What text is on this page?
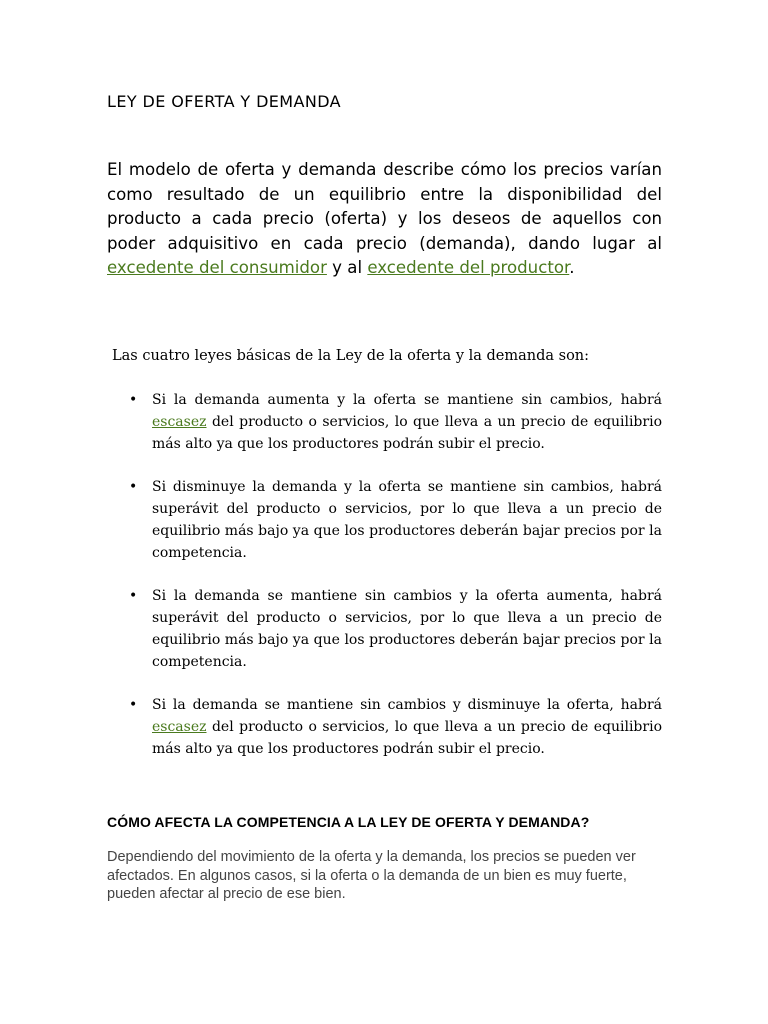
LEY DE OFERTA Y DEMANDA

El modelo de oferta y demanda describe cómo los precios varían como resultado de un equilibrio entre la disponibilidad del producto a cada precio (oferta) y los deseos de aquellos con poder adquisitivo en cada precio (demanda), dando lugar al excedente del consumidor y al excedente del productor.

Las cuatro leyes básicas de la Ley de la oferta y la demanda son:

• Si la demanda aumenta y la oferta se mantiene sin cambios, habrá escasez del producto o servicios, lo que lleva a un precio de equilibrio más alto ya que los productores podrán subir el precio.
• Si disminuye la demanda y la oferta se mantiene sin cambios, habrá superávit del producto o servicios, por lo que lleva a un precio de equilibrio más bajo ya que los productores deberán bajar precios por la competencia.
• Si la demanda se mantiene sin cambios y la oferta aumenta, habrá superávit del producto o servicios, por lo que lleva a un precio de equilibrio más bajo ya que los productores deberán bajar precios por la competencia.
• Si la demanda se mantiene sin cambios y disminuye la oferta, habrá escasez del producto o servicios, lo que lleva a un precio de equilibrio más alto ya que los productores podrán subir el precio.
CÓMO AFECTA LA COMPETENCIA A LA LEY DE OFERTA Y DEMANDA?

Dependiendo del movimiento de la oferta y la demanda, los precios se pueden ver afectados. En algunos casos, si la oferta o la demanda de un bien es muy fuerte, pueden afectar al precio de ese bien.
